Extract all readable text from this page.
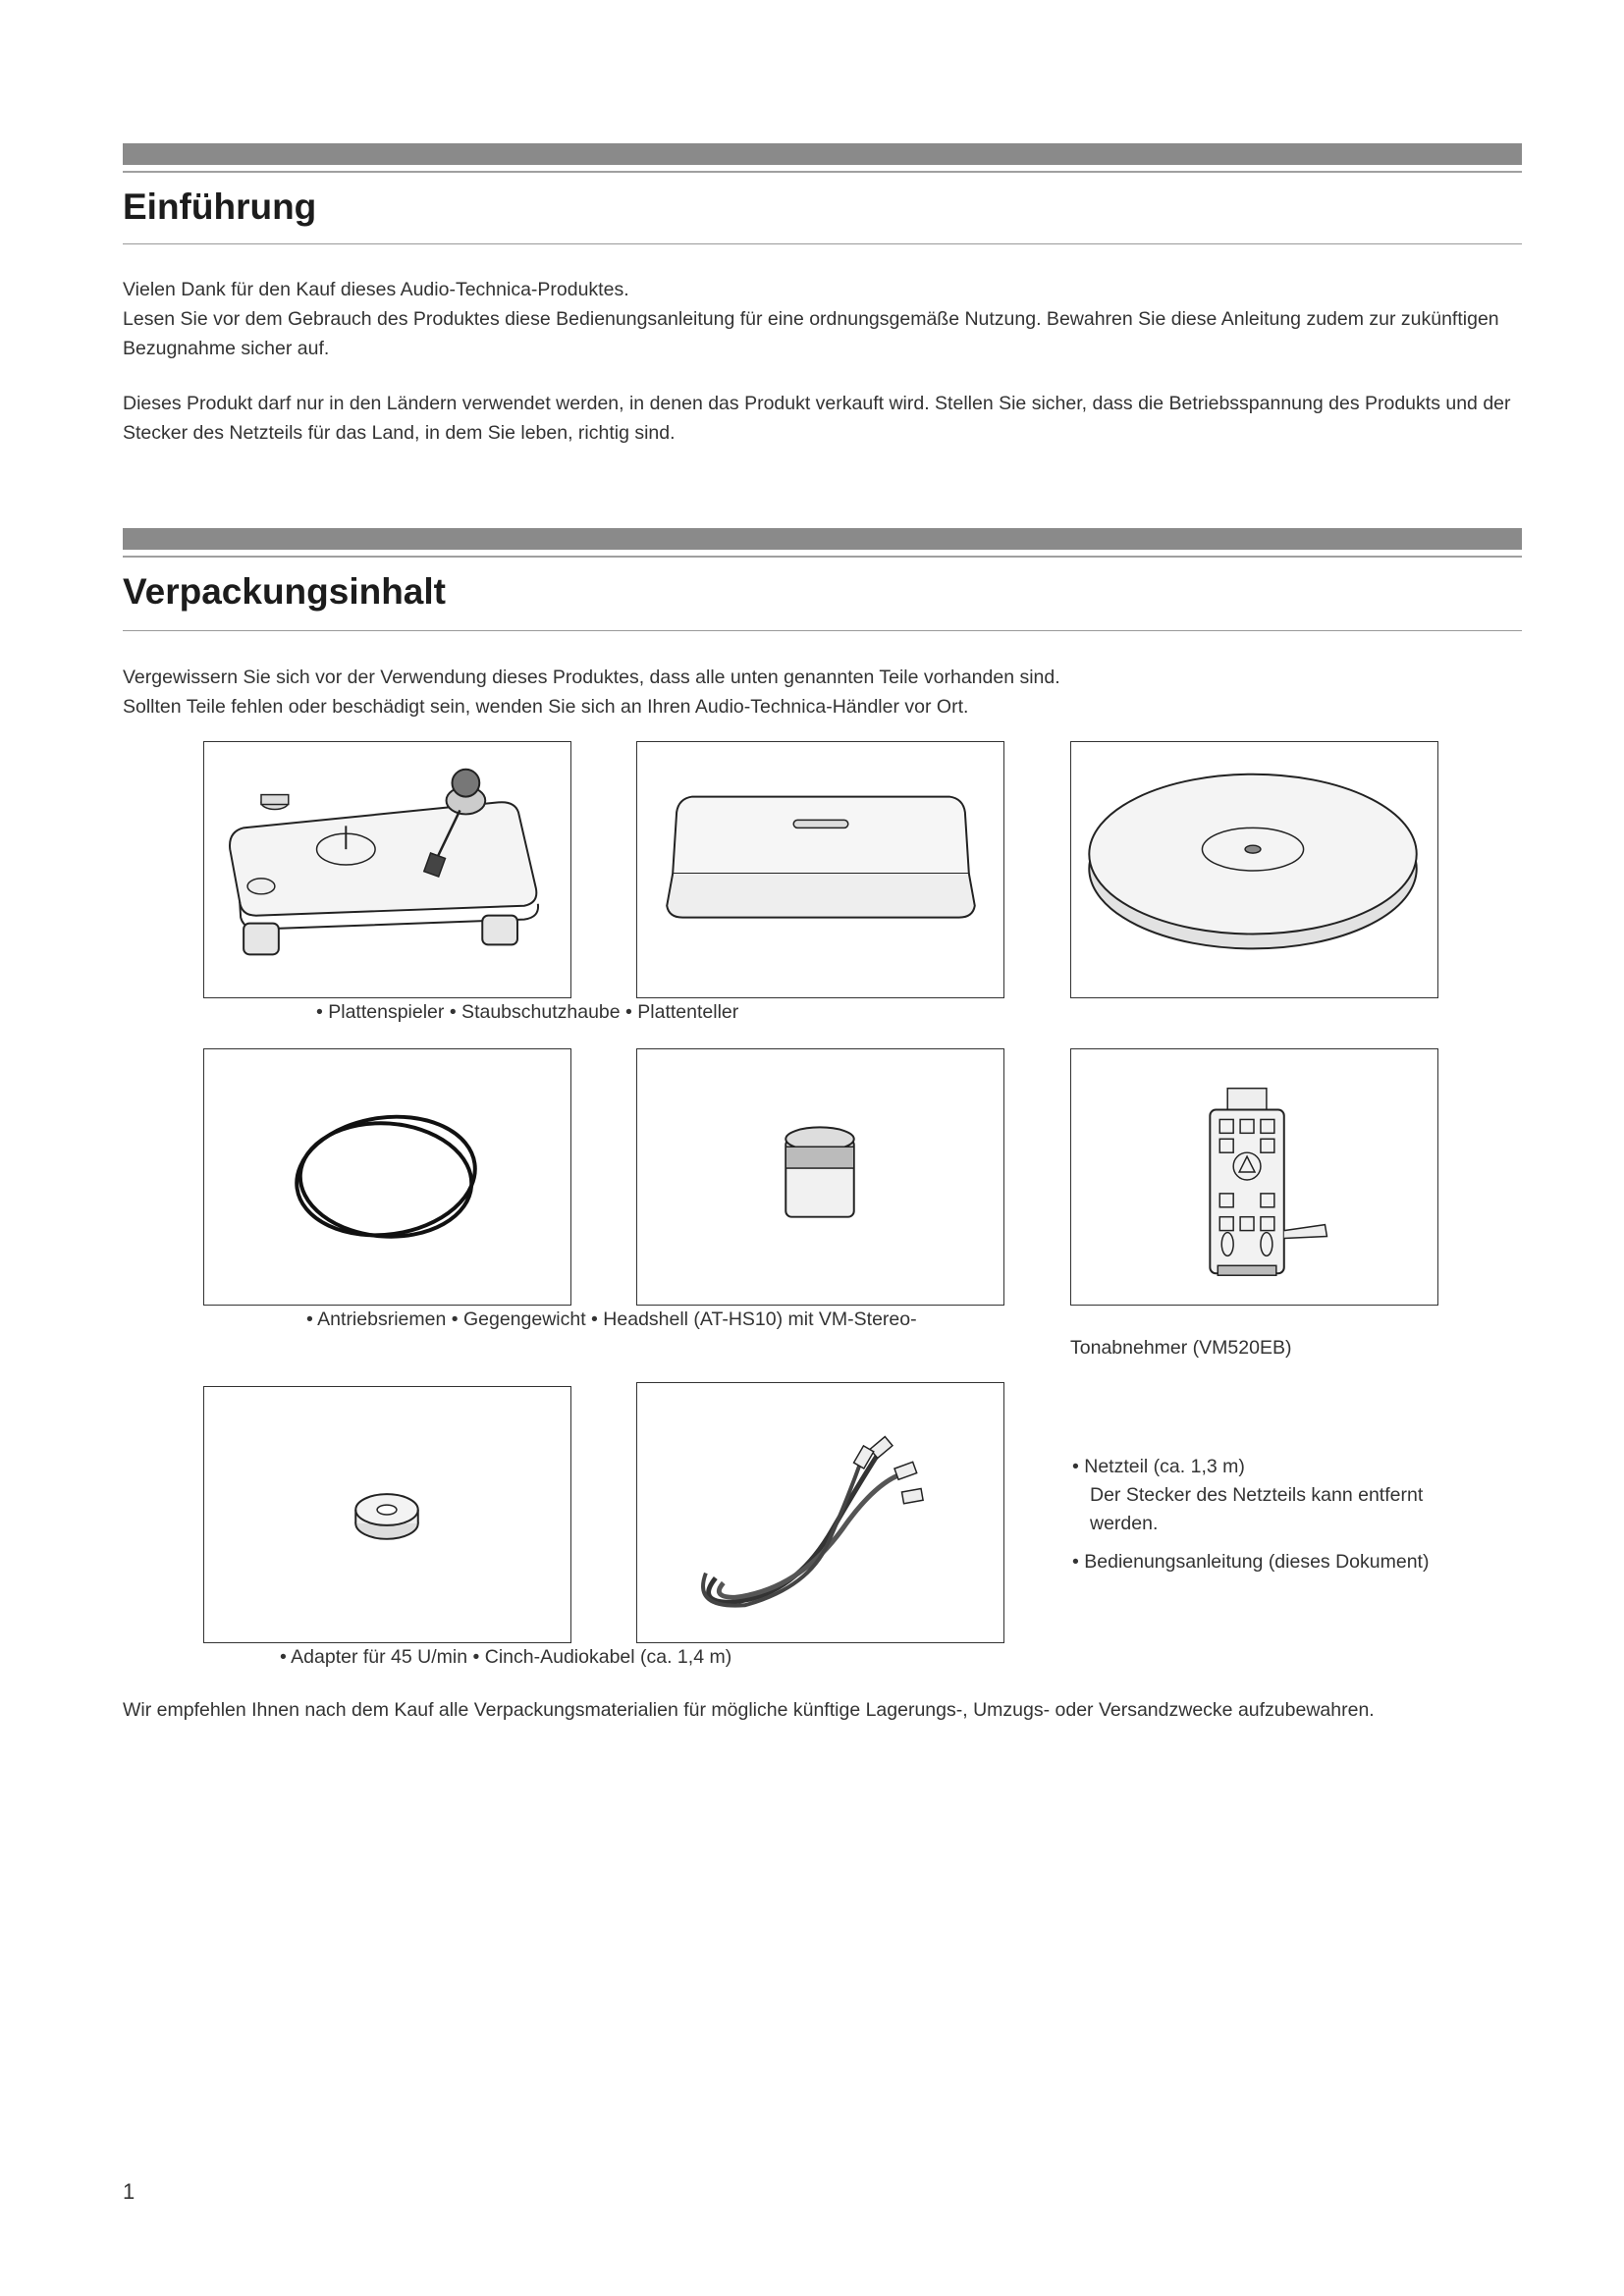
Einführung

Vielen Dank für den Kauf dieses Audio-Technica-Produktes.

Lesen Sie vor dem Gebrauch des Produktes diese Bedienungsanleitung für eine ordnungsgemäße Nutzung. Bewahren Sie diese Anleitung zudem zur zukünftigen Bezugnahme sicher auf.

Dieses Produkt darf nur in den Ländern verwendet werden, in denen das Produkt verkauft wird. Stellen Sie sicher, dass die Betriebsspannung des Produkts und der Stecker des Netzteils für das Land, in dem Sie leben, richtig sind.

Verpackungsinhalt

Vergewissern Sie sich vor der Verwendung dieses Produktes, dass alle unten genannten Teile vorhanden sind.

Sollten Teile fehlen oder beschädigt sein, wenden Sie sich an Ihren Audio-Technica-Händler vor Ort.

• Plattenspieler • Staubschutzhaube • Plattenteller

• Antriebsriemen • Gegengewicht • Headshell (AT-HS10) mit VM-Stereo-

Tonabnehmer (VM520EB)

• Adapter für 45 U/min • Cinch-Audiokabel (ca. 1,4 m)

• Netzteil (ca. 1,3 m)
Der Stecker des Netzteils kann entfernt
werden.
• Bedienungsanleitung (dieses Dokument)

Wir empfehlen Ihnen nach dem Kauf alle Verpackungsmaterialien für mögliche künftige Lagerungs-, Umzugs- oder Versandzwecke aufzubewahren.

1
